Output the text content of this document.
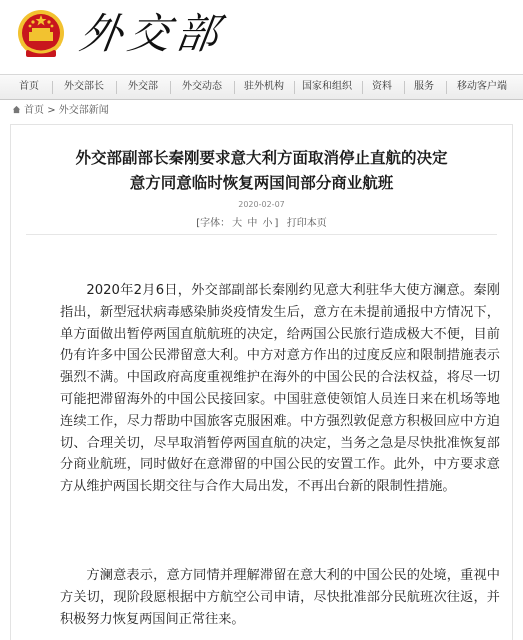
外交部
首页	外交部长	外交部	外交动态	驻外机构	国家和组织	资料	服务	移动客户端
首页 > 外交部新闻
外交部副部长秦刚要求意大利方面取消停止直航的决定
意方同意临时恢复两国间部分商业航班
2020-02-07
[字体： 大 中 小 ] 打印本页
2020年2月6日，外交部副部长秦刚约见意大利驻华大使方澜意。秦刚指出，新型冠状病毒感染肺炎疫情发生后，意方在未提前通报中方情况下，单方面做出暂停两国直航航班的决定，给两国公民旅行造成极大不便，目前仍有许多中国公民滞留意大利。中方对意方作出的过度反应和限制措施表示强烈不满。中国政府高度重视维护在海外的中国公民的合法权益，将尽一切可能把滞留海外的中国公民接回家。中国驻意使领馆人员连日来在机场等地连续工作，尽力帮助中国旅客克服困难。中方强烈敦促意方积极回应中方迫切、合理关切，尽早取消暂停两国直航的决定，当务之急是尽快批准恢复部分商业航班，同时做好在意滞留的中国公民的安置工作。此外，中方要求意方从维护两国长期交往与合作大局出发，不再出台新的限制性措施。
方澜意表示，意方同情并理解滞留在意大利的中国公民的处境，重视中方关切，现阶段愿根据中方航空公司申请，尽快批准部分民航班次往返，并积极努力恢复两国间正常往来。
